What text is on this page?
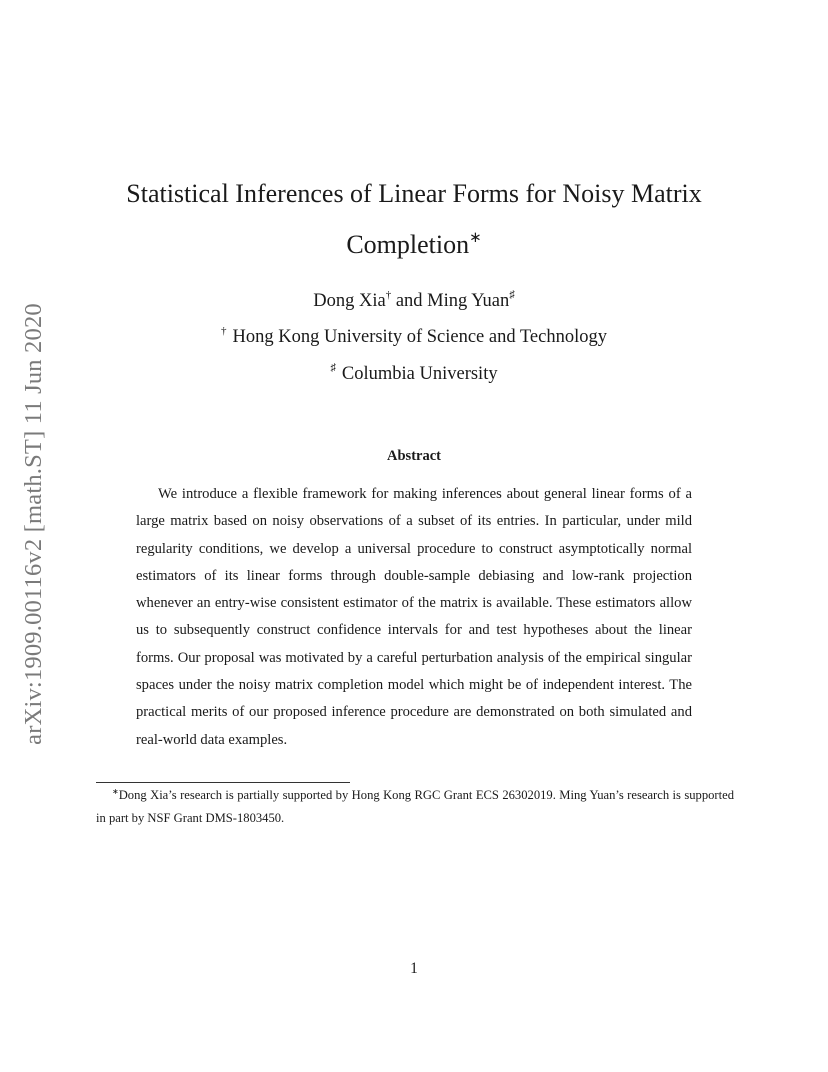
arXiv:1909.00116v2 [math.ST] 11 Jun 2020
Statistical Inferences of Linear Forms for Noisy Matrix Completion∗
Dong Xia† and Ming Yuan♯
† Hong Kong University of Science and Technology
♯ Columbia University
Abstract

We introduce a flexible framework for making inferences about general linear forms of a large matrix based on noisy observations of a subset of its entries. In particular, under mild regularity conditions, we develop a universal procedure to construct asymptotically normal estimators of its linear forms through double-sample debiasing and low-rank projection whenever an entry-wise consistent estimator of the matrix is available. These estimators allow us to subsequently construct confidence intervals for and test hypotheses about the linear forms. Our proposal was motivated by a careful perturbation analysis of the empirical singular spaces under the noisy matrix completion model which might be of independent interest. The practical merits of our proposed inference procedure are demonstrated on both simulated and real-world data examples.

∗Dong Xia’s research is partially supported by Hong Kong RGC Grant ECS 26302019. Ming Yuan’s research is supported in part by NSF Grant DMS-1803450.

1
